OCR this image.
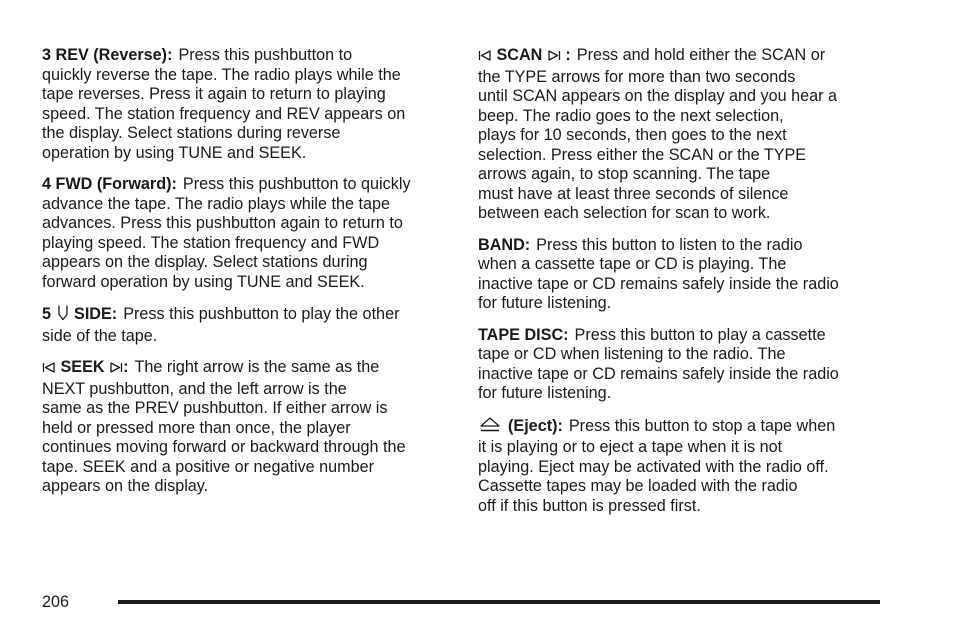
3 REV (Reverse): Press this pushbutton to
quickly reverse the tape. The radio plays while the
tape reverses. Press it again to return to playing
speed. The station frequency and REV appears on
the display. Select stations during reverse
operation by using TUNE and SEEK.
4 FWD (Forward): Press this pushbutton to quickly
advance the tape. The radio plays while the tape
advances. Press this pushbutton again to return to
playing speed. The station frequency and FWD
appears on the display. Select stations during
forward operation by using TUNE and SEEK.
5 SIDE: Press this pushbutton to play the other
side of the tape.
SEEK : The right arrow is the same as the
NEXT pushbutton, and the left arrow is the
same as the PREV pushbutton. If either arrow is
held or pressed more than once, the player
continues moving forward or backward through the
tape. SEEK and a positive or negative number
appears on the display.
SCAN : Press and hold either the SCAN or
the TYPE arrows for more than two seconds
until SCAN appears on the display and you hear a
beep. The radio goes to the next selection,
plays for 10 seconds, then goes to the next
selection. Press either the SCAN or the TYPE
arrows again, to stop scanning. The tape
must have at least three seconds of silence
between each selection for scan to work.
BAND: Press this button to listen to the radio
when a cassette tape or CD is playing. The
inactive tape or CD remains safely inside the radio
for future listening.
TAPE DISC: Press this button to play a cassette
tape or CD when listening to the radio. The
inactive tape or CD remains safely inside the radio
for future listening.
(Eject): Press this button to stop a tape when
it is playing or to eject a tape when it is not
playing. Eject may be activated with the radio off.
Cassette tapes may be loaded with the radio
off if this button is pressed first.
206
